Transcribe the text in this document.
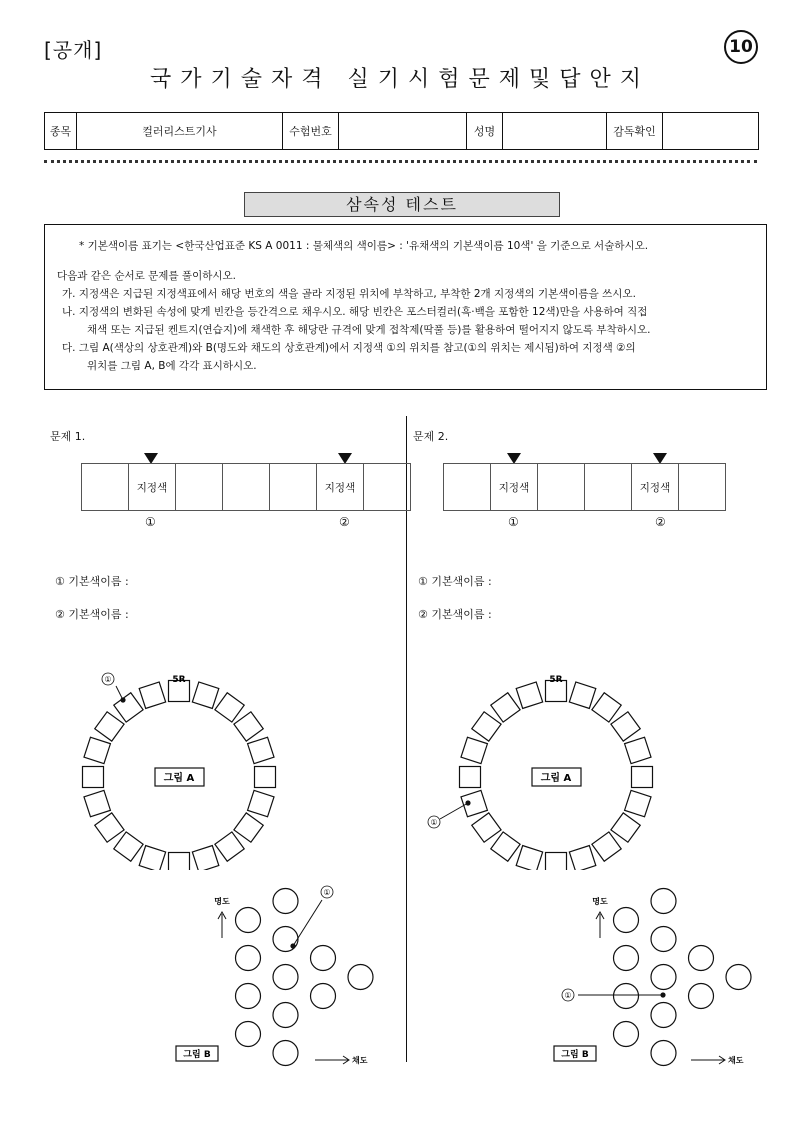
[공개]	10
국가기술자격 실기시험문제및답안지
종목	컬러리스트기사	수험번호	성명	감독확인
삼속성 테스트
* 기본색이름 표기는 <한국산업표준 KS A 0011 : 물체색의 색이름> : '유채색의 기본색이름 10색' 을 기준으로 서술하시오.
다음과 같은 순서로 문제를 풀이하시오.
가. 지정색은 지급된 지정색표에서 해당 번호의 색을 골라 지정된 위치에 부착하고, 부착한 2개 지정색의 기본색이름을 쓰시오.
나. 지정색의 변화된 속성에 맞게 빈칸을 등간격으로 채우시오. 해당 빈칸은 포스터컬러(흑·백을 포함한 12색)만을 사용하여 직접
채색 또는 지급된 켄트지(연습지)에 채색한 후 해당란 규격에 맞게 접착제(딱풀 등)를 활용하여 떨어지지 않도록 부착하시오.
다. 그림 A(색상의 상호관계)와 B(명도와 채도의 상호관계)에서 지정색 ①의 위치를 참고(①의 위치는 제시됨)하여 지정색 ②의
위치를 그림 A, B에 각각 표시하시오.
문제 1.
지정색	지정색
①	②
① 기본색이름 :
② 기본색이름 :
①	5R
그림 A
명도
채도
그림 B
①
문제 2.
지정색	지정색
①	②
① 기본색이름 :
② 기본색이름 :
①
5R
그림 A
명도
채도
그림 B
①
